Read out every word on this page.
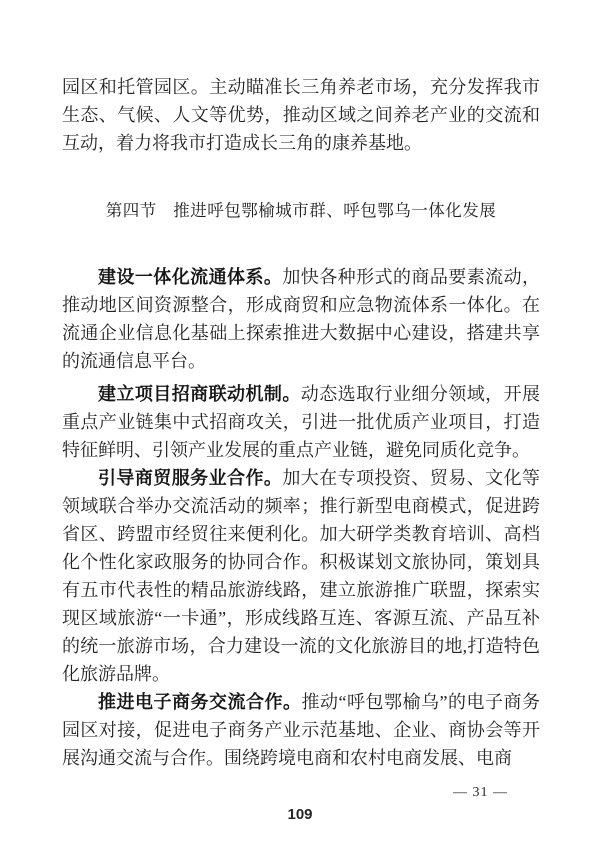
园区和托管园区。主动瞄准长三角养老市场，充分发挥我市生态、气候、人文等优势，推动区域之间养老产业的交流和互动，着力将我市打造成长三角的康养基地。

第四节 推进呼包鄂榆城市群、呼包鄂乌一体化发展

建设一体化流通体系。加快各种形式的商品要素流动，推动地区间资源整合，形成商贸和应急物流体系一体化。在流通企业信息化基础上探索推进大数据中心建设，搭建共享的流通信息平台。

建立项目招商联动机制。动态选取行业细分领域，开展重点产业链集中式招商攻关，引进一批优质产业项目，打造特征鲜明、引领产业发展的重点产业链，避免同质化竞争。

引导商贸服务业合作。加大在专项投资、贸易、文化等领域联合举办交流活动的频率；推行新型电商模式，促进跨省区、跨盟市经贸往来便利化。加大研学类教育培训、高档化个性化家政服务的协同合作。积极谋划文旅协同，策划具有五市代表性的精品旅游线路，建立旅游推广联盟，探索实现区域旅游“一卡通”，形成线路互连、客源互流、产品互补的统一旅游市场，合力建设一流的文化旅游目的地,打造特色化旅游品牌。

推进电子商务交流合作。推动“呼包鄂榆乌”的电子商务园区对接，促进电子商务产业示范基地、企业、商协会等开展沟通交流与合作。围绕跨境电商和农村电商发展、电商

— 31 —
109
